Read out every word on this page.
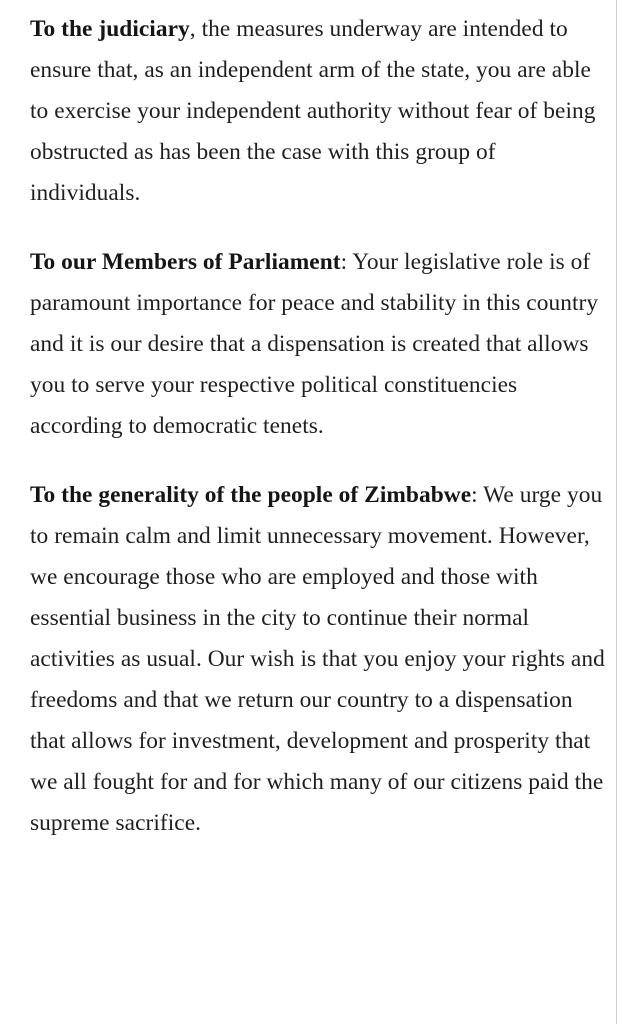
To the judiciary, the measures underway are intended to ensure that, as an independent arm of the state, you are able to exercise your independent authority without fear of being obstructed as has been the case with this group of individuals.

To our Members of Parliament: Your legislative role is of paramount importance for peace and stability in this country and it is our desire that a dispensation is created that allows you to serve your respective political constituencies according to democratic tenets.

To the generality of the people of Zimbabwe: We urge you to remain calm and limit unnecessary movement. However, we encourage those who are employed and those with essential business in the city to continue their normal activities as usual. Our wish is that you enjoy your rights and freedoms and that we return our country to a dispensation that allows for investment, development and prosperity that we all fought for and for which many of our citizens paid the supreme sacrifice.
